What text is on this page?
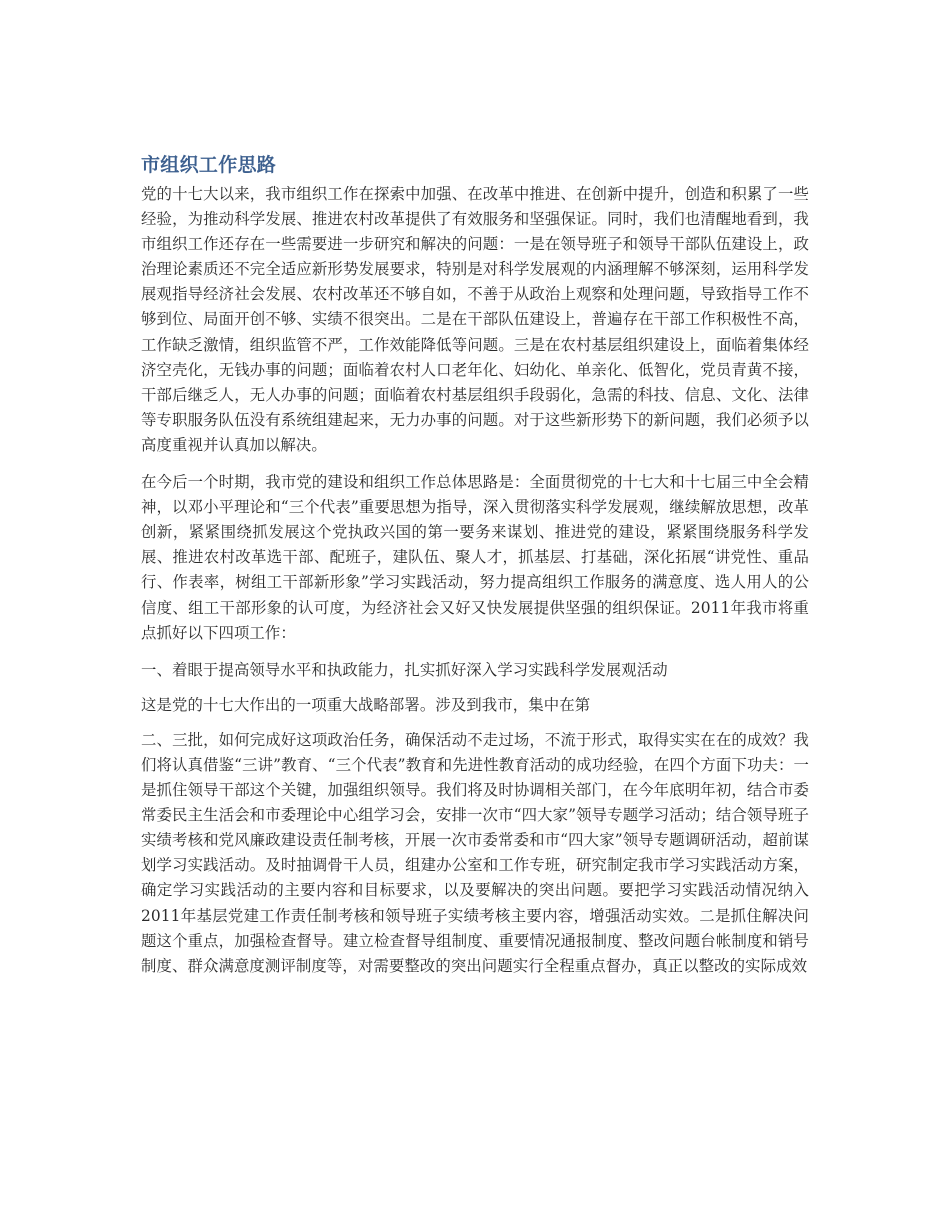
市组织工作思路

党的十七大以来，我市组织工作在探索中加强、在改革中推进、在创新中提升，创造和积累了一些经验，为推动科学发展、推进农村改革提供了有效服务和坚强保证。同时，我们也清醒地看到，我市组织工作还存在一些需要进一步研究和解决的问题：一是在领导班子和领导干部队伍建设上，政治理论素质还不完全适应新形势发展要求，特别是对科学发展观的内涵理解不够深刻，运用科学发展观指导经济社会发展、农村改革还不够自如，不善于从政治上观察和处理问题，导致指导工作不够到位、局面开创不够、实绩不很突出。二是在干部队伍建设上，普遍存在干部工作积极性不高，工作缺乏激情，组织监管不严，工作效能降低等问题。三是在农村基层组织建设上，面临着集体经济空壳化，无钱办事的问题；面临着农村人口老年化、妇幼化、单亲化、低智化，党员青黄不接，干部后继乏人，无人办事的问题；面临着农村基层组织手段弱化，急需的科技、信息、文化、法律等专职服务队伍没有系统组建起来，无力办事的问题。对于这些新形势下的新问题，我们必须予以高度重视并认真加以解决。

在今后一个时期，我市党的建设和组织工作总体思路是：全面贯彻党的十七大和十七届三中全会精神，以邓小平理论和“三个代表”重要思想为指导，深入贯彻落实科学发展观，继续解放思想，改革创新，紧紧围绕抓发展这个党执政兴国的第一要务来谋划、推进党的建设，紧紧围绕服务科学发展、推进农村改革选干部、配班子，建队伍、聚人才，抓基层、打基础，深化拓展“讲党性、重品行、作表率，树组工干部新形象”学习实践活动，努力提高组织工作服务的满意度、选人用人的公信度、组工干部形象的认可度，为经济社会又好又快发展提供坚强的组织保证。2011年我市将重点抓好以下四项工作：

一、着眼于提高领导水平和执政能力，扎实抓好深入学习实践科学发展观活动

这是党的十七大作出的一项重大战略部署。涉及到我市，集中在第

二、三批，如何完成好这项政治任务，确保活动不走过场，不流于形式，取得实实在在的成效？我们将认真借鉴“三讲”教育、“三个代表”教育和先进性教育活动的成功经验，在四个方面下功夫：一是抓住领导干部这个关键，加强组织领导。我们将及时协调相关部门，在今年底明年初，结合市委常委民主生活会和市委理论中心组学习会，安排一次市“四大家”领导专题学习活动；结合领导班子实绩考核和党风廉政建设责任制考核，开展一次市委常委和市“四大家”领导专题调研活动，超前谋划学习实践活动。及时抽调骨干人员，组建办公室和工作专班，研究制定我市学习实践活动方案，确定学习实践活动的主要内容和目标要求，以及要解决的突出问题。要把学习实践活动情况纳入2011年基层党建工作责任制考核和领导班子实绩考核主要内容，增强活动实效。二是抓住解决问题这个重点，加强检查督导。建立检查督导组制度、重要情况通报制度、整改问题台帐制度和销号制度、群众满意度测评制度等，对需要整改的突出问题实行全程重点督办，真正以整改的实际成效
